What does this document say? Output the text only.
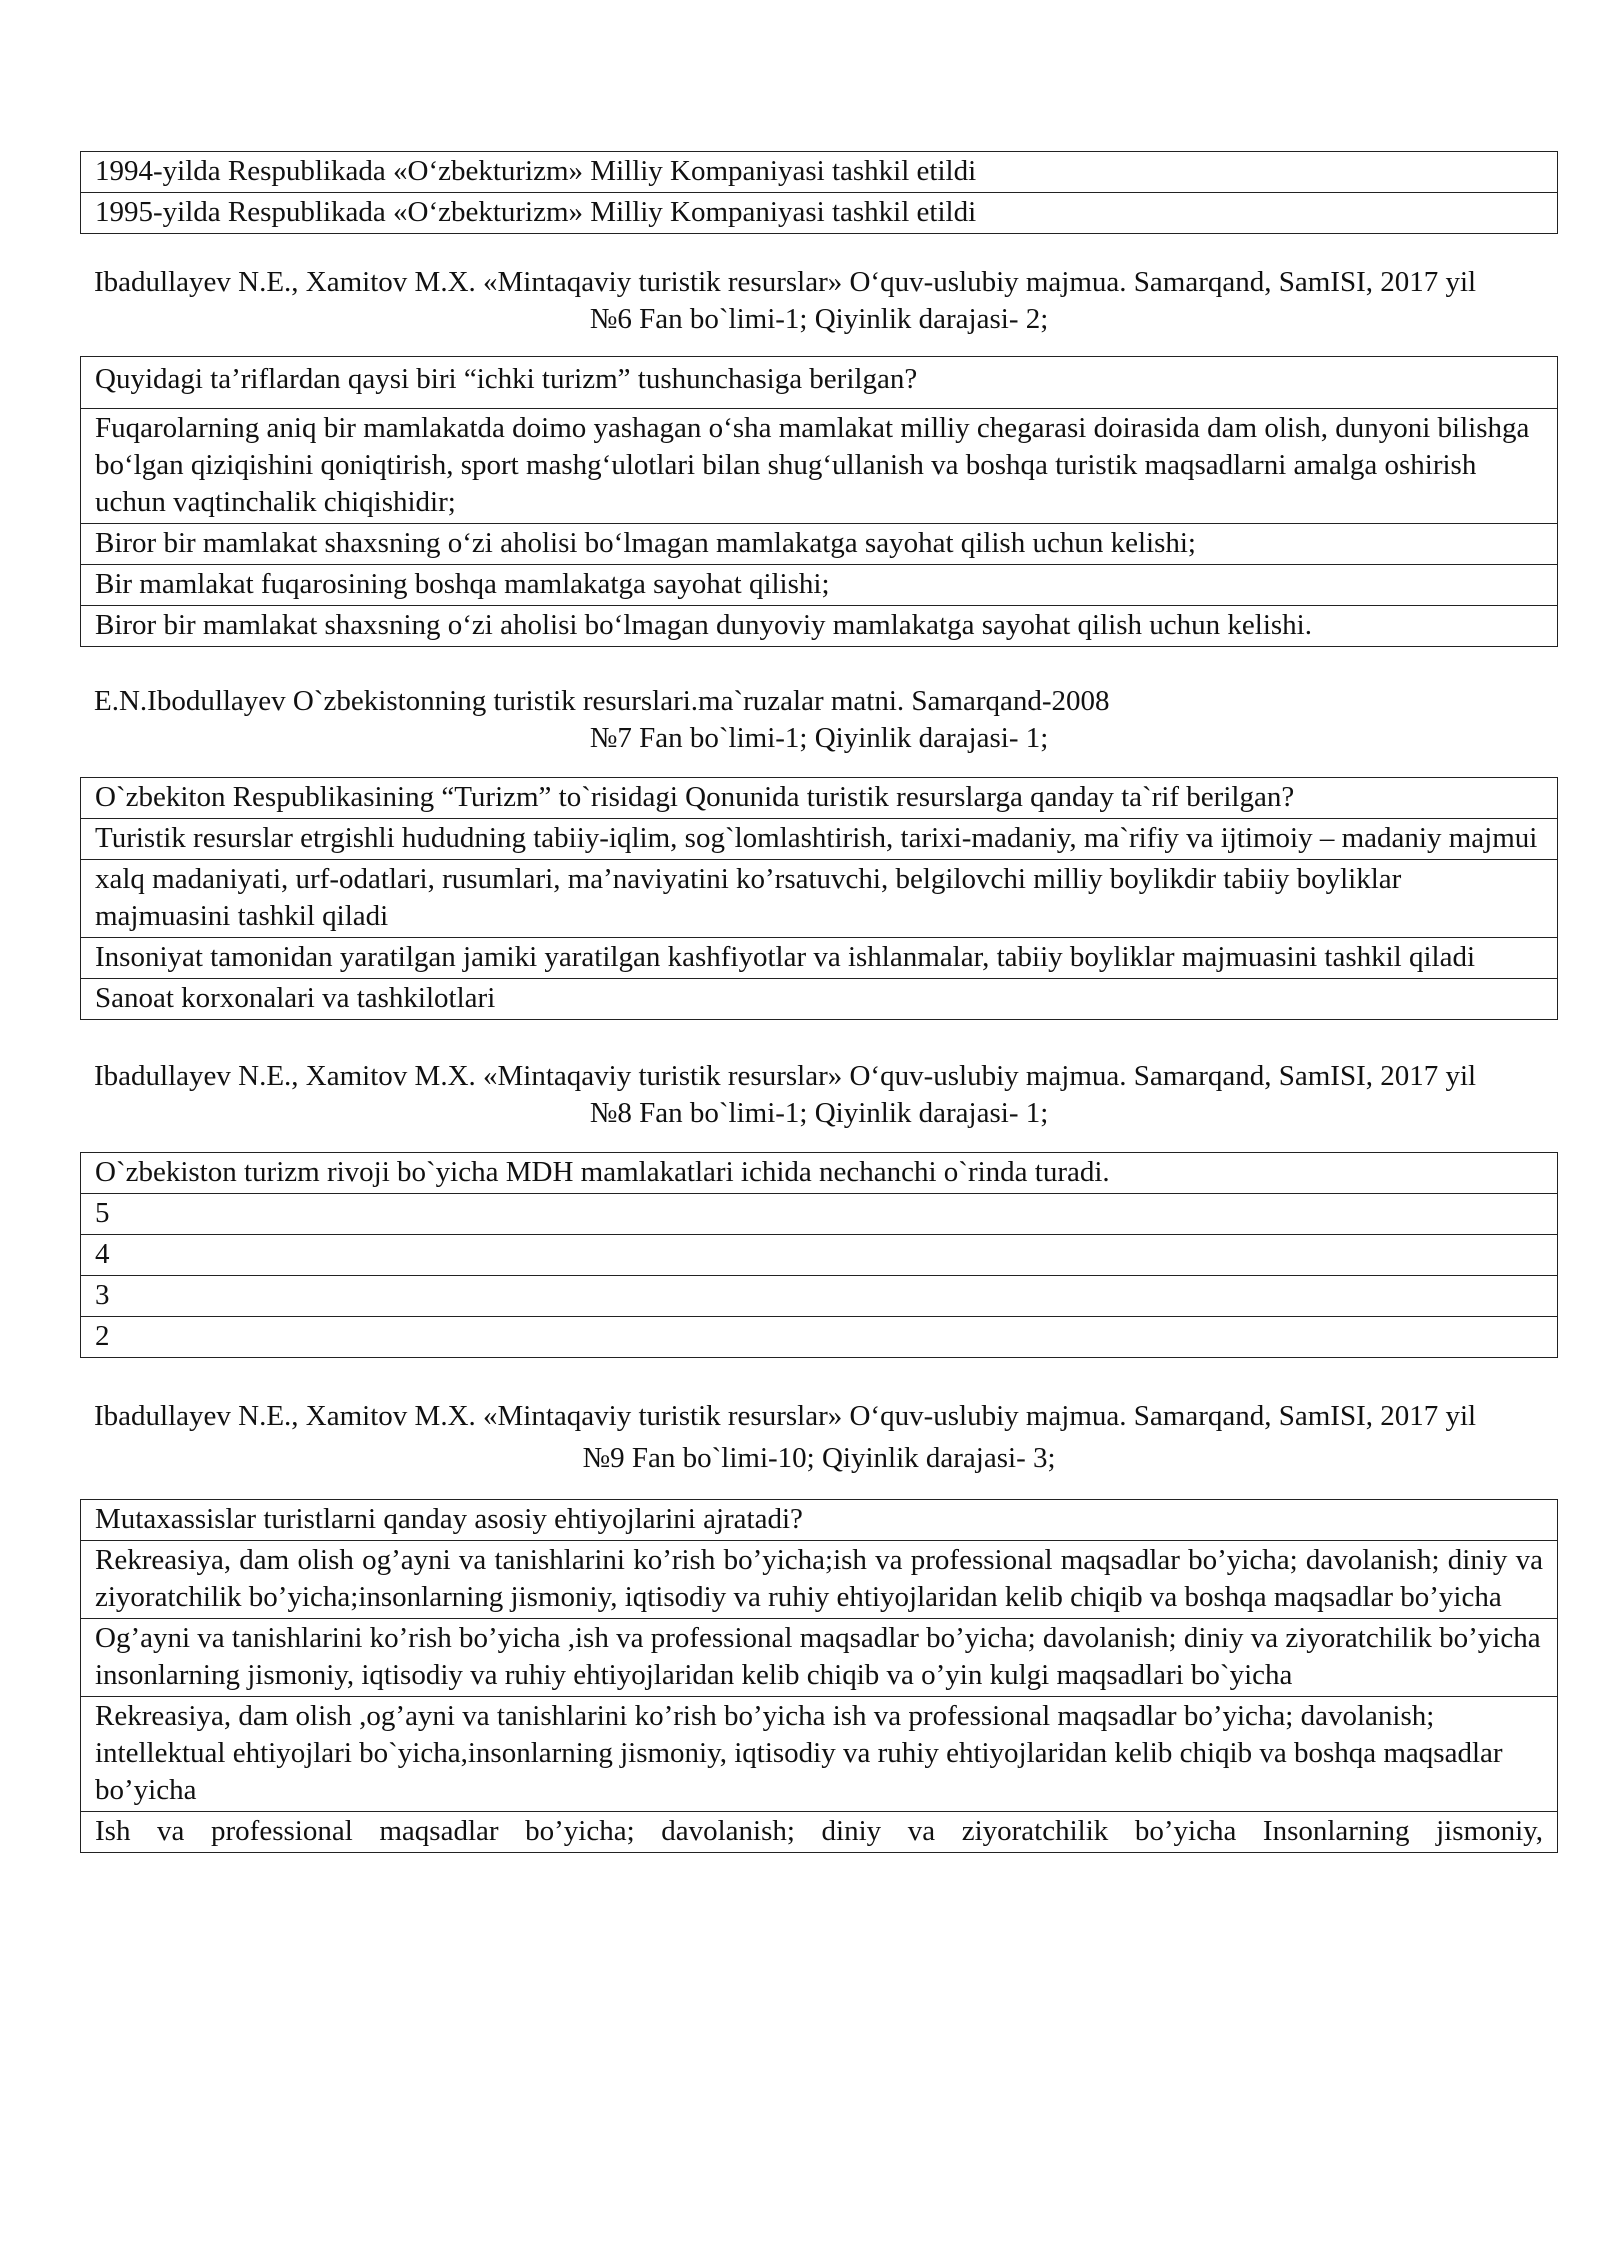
1994-yilda Respublikada «O‘zbekturizm» Milliy Kompaniyasi tashkil etildi
1995-yilda Respublikada «O‘zbekturizm» Milliy Kompaniyasi tashkil etildi

Ibadullayev N.E., Xamitov M.X. «Mintaqaviy turistik resurslar» O‘quv-uslubiy majmua. Samarqand, SamISI, 2017 yil

№6 Fan bo`limi-1; Qiyinlik darajasi- 2;

Quyidagi ta’riflardan qaysi biri “ichki turizm” tushunchasiga berilgan?
Fuqarolarning aniq bir mamlakatda doimo yashagan o‘sha mamlakat milliy chegarasi doirasida dam olish, dunyoni bilishga bo‘lgan qiziqishini qoniqtirish, sport mashg‘ulotlari bilan shug‘ullanish va boshqa turistik maqsadlarni amalga oshirish uchun vaqtinchalik chiqishidir;
Biror bir mamlakat shaxsning o‘zi aholisi bo‘lmagan mamlakatga sayohat qilish uchun kelishi;
Bir mamlakat fuqarosining boshqa mamlakatga sayohat qilishi;
Biror bir mamlakat shaxsning o‘zi aholisi bo‘lmagan dunyoviy mamlakatga sayohat qilish uchun kelishi.

E.N.Ibodullayev O`zbekistonning turistik resurslari.ma`ruzalar matni. Samarqand-2008

№7 Fan bo`limi-1; Qiyinlik darajasi- 1;

O`zbekiton Respublikasining “Turizm” to`risidagi Qonunida turistik resurslarga qanday ta`rif berilgan?
Turistik resurslar etrgishli hududning tabiiy-iqlim, sog`lomlashtirish, tarixi-madaniy, ma`rifiy va ijtimoiy – madaniy majmui
xalq madaniyati, urf-odatlari, rusumlari, ma’naviyatini ko’rsatuvchi, belgilovchi milliy boylikdir tabiiy boyliklar majmuasini tashkil qiladi
Insoniyat tamonidan yaratilgan jamiki yaratilgan kashfiyotlar va ishlanmalar, tabiiy boyliklar majmuasini tashkil qiladi
Sanoat korxonalari va tashkilotlari

Ibadullayev N.E., Xamitov M.X. «Mintaqaviy turistik resurslar» O‘quv-uslubiy majmua. Samarqand, SamISI, 2017 yil

№8 Fan bo`limi-1; Qiyinlik darajasi- 1;

O`zbekiston turizm rivoji bo`yicha MDH mamlakatlari ichida nechanchi o`rinda turadi.
5
4
3
2

Ibadullayev N.E., Xamitov M.X. «Mintaqaviy turistik resurslar» O‘quv-uslubiy majmua. Samarqand, SamISI, 2017 yil

№9 Fan bo`limi-10; Qiyinlik darajasi- 3;

Mutaxassislar turistlarni qanday asosiy ehtiyojlarini ajratadi?
Rekreasiya, dam olish og’ayni va tanishlarini ko’rish bo’yicha;ish va professional maqsadlar bo’yicha; davolanish; diniy va ziyoratchilik bo’yicha;insonlarning jismoniy, iqtisodiy va ruhiy ehtiyojlaridan kelib chiqib va boshqa maqsadlar bo’yicha
Og’ayni va tanishlarini ko’rish bo’yicha ,ish va professional maqsadlar bo’yicha; davolanish; diniy va ziyoratchilik bo’yicha insonlarning jismoniy, iqtisodiy va ruhiy ehtiyojlaridan kelib chiqib va o’yin kulgi maqsadlari bo`yicha
Rekreasiya, dam olish ,og’ayni va tanishlarini ko’rish bo’yicha ish va professional maqsadlar bo’yicha; davolanish; intellektual ehtiyojlari bo`yicha,insonlarning jismoniy, iqtisodiy va ruhiy ehtiyojlaridan kelib chiqib va boshqa maqsadlar bo’yicha
Ish va professional maqsadlar bo’yicha; davolanish; diniy va ziyoratchilik bo’yicha Insonlarning jismoniy,
